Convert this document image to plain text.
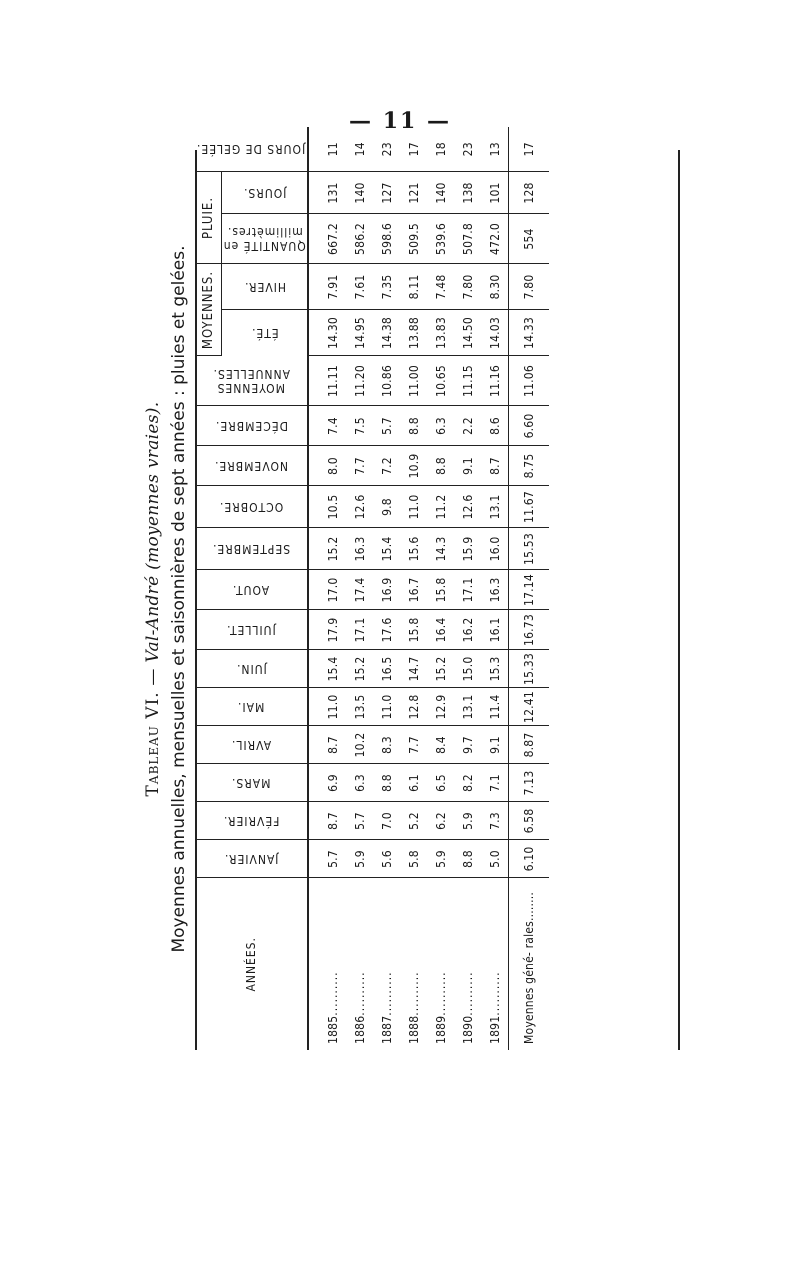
— 11 —
Tableau VI. — Val-André (moyennes vraies). Moyennes annuelles, mensuelles et saisonnières de sept années : pluies et gelées.
ANNÉES.	JANVIER.	FÉVRIER.	MARS.	AVRIL.	MAI.	JUIN.	JUILLET.	AOUT.	SEPTEMBRE.	OCTOBRE.	NOVEMBRE.	DÉCEMBRE.	MOYENNES ANNUELLES.	MOYENNES.		PLUIE.		JOURS DE GELÉE.

														ÉTÉ.	HIVER.	QUANTITÉ en millimètres.	JOURS.	

1885..........	5.7	8.7	6.9	8.7	11.0	15.4	17.9	17.0	15.2	10.5	8.0	7.4	11.11	14.30	7.91	667.2	131	11
1886..........	5.9	5.7	6.3	10.2	13.5	15.2	17.1	17.4	16.3	12.6	7.7	7.5	11.20	14.95	7.61	586.2	140	14
1887..........	5.6	7.0	8.8	8.3	11.0	16.5	17.6	16.9	15.4	9.8	7.2	5.7	10.86	14.38	7.35	598.6	127	23
1888..........	5.8	5.2	6.1	7.7	12.8	14.7	15.8	16.7	15.6	11.0	10.9	8.8	11.00	13.88	8.11	509.5	121	17
1889..........	5.9	6.2	6.5	8.4	12.9	15.2	16.4	15.8	14.3	11.2	8.8	6.3	10.65	13.83	7.48	539.6	140	18
1890..........	8.8	5.9	8.2	9.7	13.1	15.0	16.2	17.1	15.9	12.6	9.1	2.2	11.15	14.50	7.80	507.8	138	23
1891..........	5.0	7.3	7.1	9.1	11.4	15.3	16.1	16.3	16.0	13.1	8.7	8.6	11.16	14.03	8.30	472.0	101	13
Moyennes géné- rales........	6.10	6.58	7.13	8.87	12.41	15.33	16.73	17.14	15.53	11.67	8.75	6.60	11.06	14.33	7.80	554	128	17
